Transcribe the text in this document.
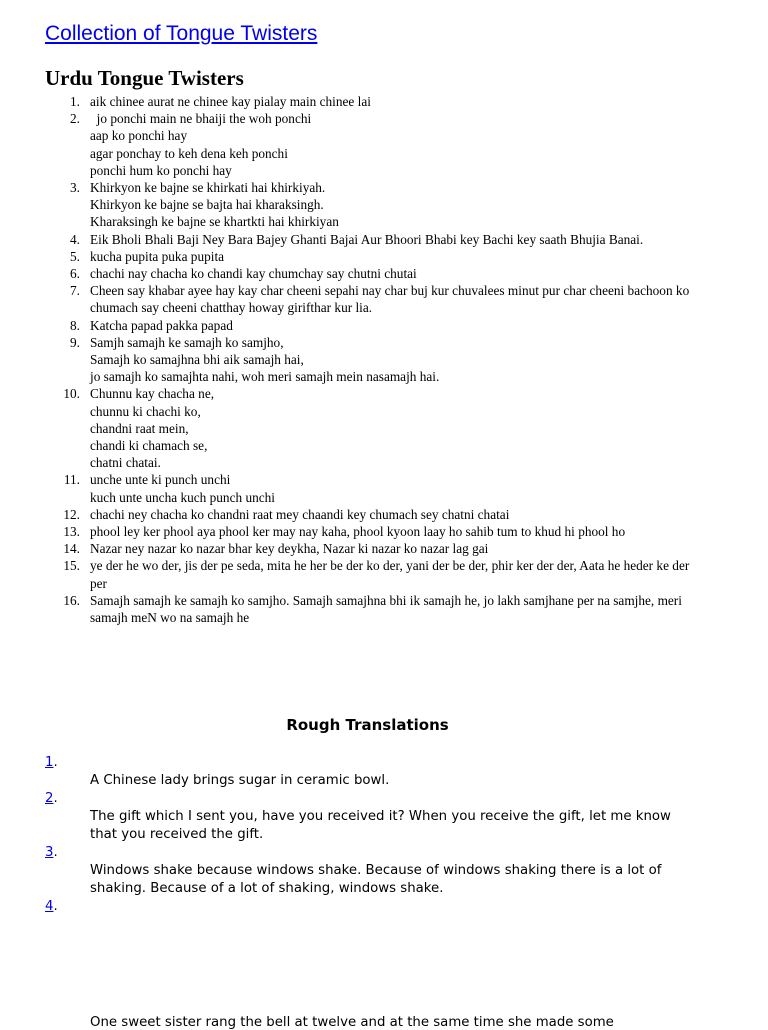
Collection of Tongue Twisters
Urdu Tongue Twisters
1. aik chinee aurat ne chinee kay pialay main chinee lai
2. jo ponchi main ne bhaiji the woh ponchi
aap ko ponchi hay
agar ponchay to keh dena keh ponchi
ponchi hum ko ponchi hay
3. Khirkyon ke bajne se khirkati hai khirkiyah.
Khirkyon ke bajne se bajta hai kharaksingh.
Kharaksingh ke bajne se khartkti hai khirkiyan
4. Eik Bholi Bhali Baji Ney Bara Bajey Ghanti Bajai Aur Bhoori Bhabi key Bachi key saath Bhujia Banai.
5. kucha pupita puka pupita
6. chachi nay chacha ko chandi kay chumchay say chutni chutai
7. Cheen say khabar ayee hay kay char cheeni sepahi nay char buj kur chuvalees minut pur char cheeni bachoon ko chumach say cheeni chatthay howay girifthar kur lia.
8. Katcha papad pakka papad
9. Samjh samajh ke samajh ko samjho,
Samajh ko samajhna bhi aik samajh hai,
jo samajh ko samajhta nahi, woh meri samajh mein nasamajh hai.
10. Chunnu kay chacha ne,
chunnu ki chachi ko,
chandni raat mein,
chandi ki chamach se,
chatni chatai.
11. unche unte ki punch unchi
kuch unte uncha kuch punch unchi
12. chachi ney chacha ko chandni raat mey chaandi key chumach sey chatni chatai
13. phool ley ker phool aya phool ker may nay kaha, phool kyoon laay ho sahib tum to khud hi phool ho
14. Nazar ney nazar ko nazar bhar key deykha, Nazar ki nazar ko nazar lag gai
15. ye der he wo der, jis der pe seda, mita he her be der ko der, yani der be der, phir ker der der, Aata he heder ke der per
16. Samajh samajh ke samajh ko samjho. Samajh samajhna bhi ik samajh he, jo lakh samjhane per na samjhe, meri samajh meN wo na samajh he
Rough Translations
1.
A Chinese lady brings sugar in ceramic bowl.
2.
The gift which I sent you, have you received it? When you receive the gift, let me know that you received the gift.
3.
Windows shake because windows shake. Because of windows shaking there is a lot of shaking. Because of a lot of shaking, windows shake.
4.
One sweet sister rang the bell at twelve and at the same time she made some
